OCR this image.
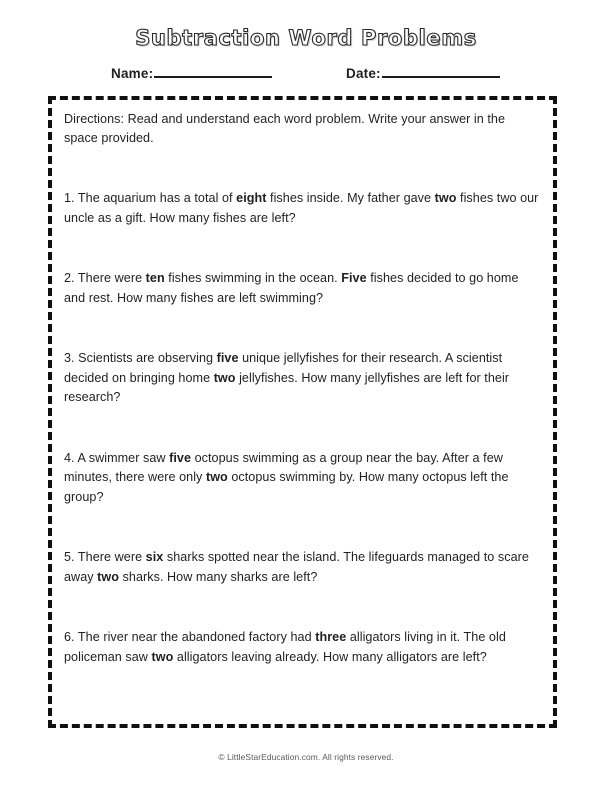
Subtraction Word Problems
Name:	Date:

Directions: Read and understand each word problem. Write your answer in the space provided.

1. The aquarium has a total of eight fishes inside. My father gave two fishes two our uncle as a gift. How many fishes are left?
2. There were ten fishes swimming in the ocean. Five fishes decided to go home and rest. How many fishes are left swimming?
3. Scientists are observing five unique jellyfishes for their research. A scientist decided on bringing home two jellyfishes. How many jellyfishes are left for their research?
4. A swimmer saw five octopus swimming as a group near the bay. After a few minutes, there were only two octopus swimming by. How many octopus left the group?
5. There were six sharks spotted near the island. The lifeguards managed to scare away two sharks. How many sharks are left?
6. The river near the abandoned factory had three alligators living in it. The old policeman saw two alligators leaving already. How many alligators are left?
© LittleStarEducation.com. All rights reserved.
